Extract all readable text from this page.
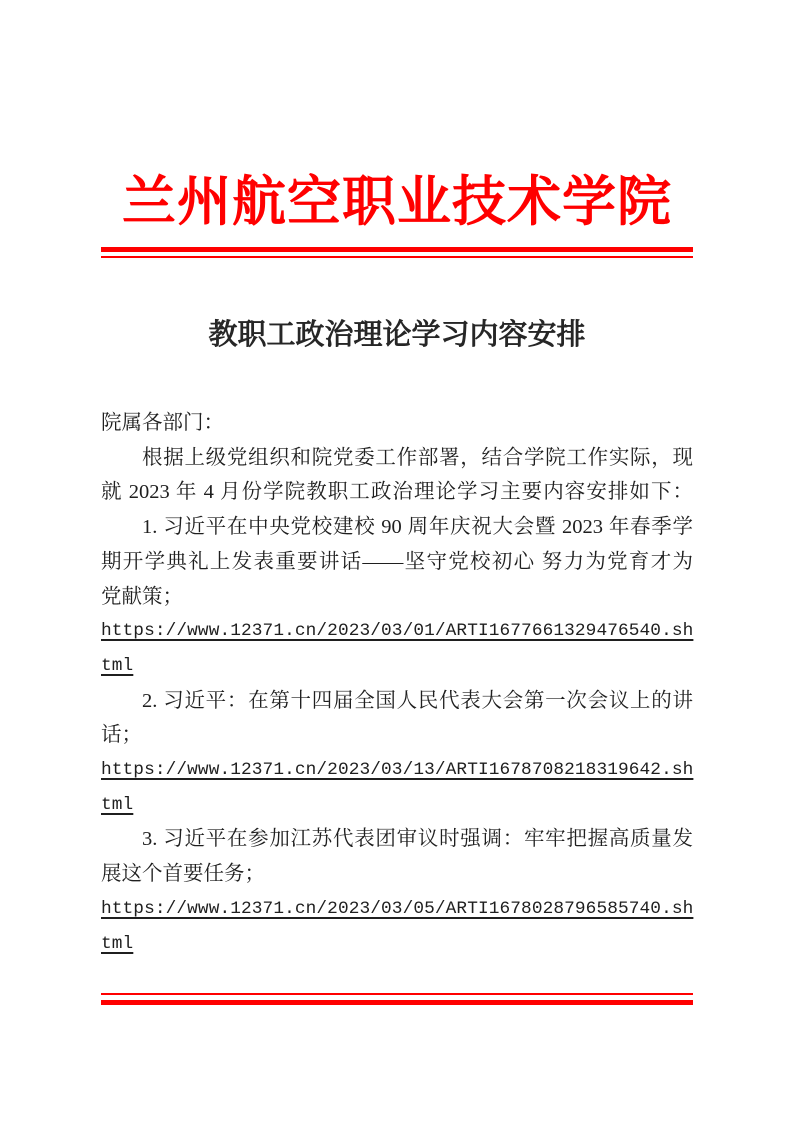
兰州航空职业技术学院
教职工政治理论学习内容安排
院属各部门：
根据上级党组织和院党委工作部署，结合学院工作实际，现
就 2023 年 4 月份学院教职工政治理论学习主要内容安排如下：
1. 习近平在中央党校建校 90 周年庆祝大会暨 2023 年春季学
期开学典礼上发表重要讲话——坚守党校初心 努力为党育才为
党献策；
https://www.12371.cn/2023/03/01/ARTI1677661329476540.sh
tml
2. 习近平：在第十四届全国人民代表大会第一次会议上的讲
话；
https://www.12371.cn/2023/03/13/ARTI1678708218319642.sh
tml
3. 习近平在参加江苏代表团审议时强调：牢牢把握高质量发
展这个首要任务；
https://www.12371.cn/2023/03/05/ARTI1678028796585740.sh
tml
